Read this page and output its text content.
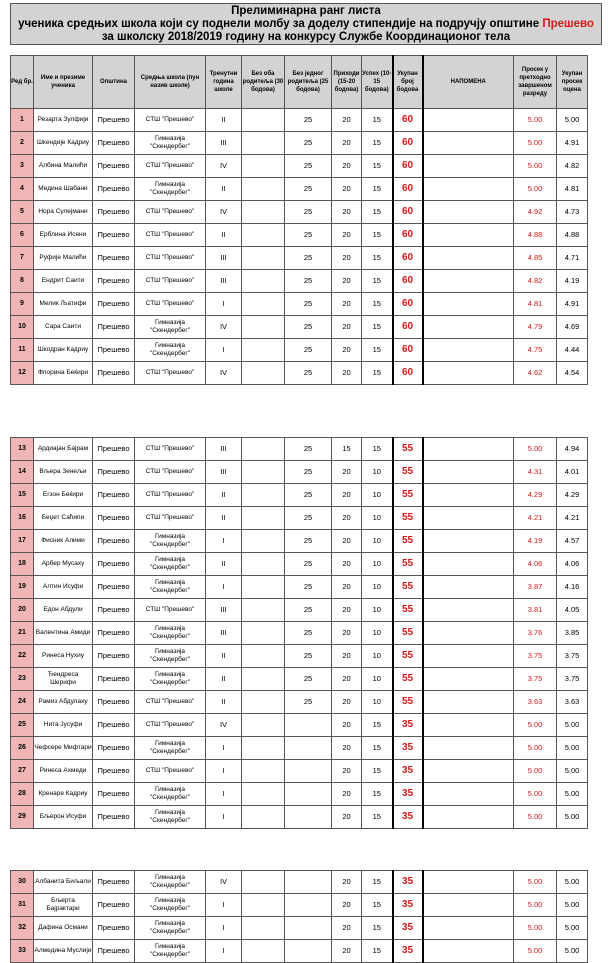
Прелиминарна ранг листа
ученика средњих школа који су поднели молбу за доделу стипендије на подручју општине Прешево
за школску 2018/2019 годину на конкурсу Службе Координационог тела
Ред бр.	Име и презиме ученика	Општина	Средња школа (пун назив школе)	Тренутни година школе	Без оба родитеља (30 бодова)	Без једног родитеља (25 бодова)	Приходи (15-20 бодова)	Успех (10-15 бодова)	Укупан број бодова	НАПОМЕНА	Просек у претходно завршеном разреду	Укупан просек оцена
1	Резарта Зулфији	Прешево	СТШ "Прешево"	II		25	20	15	60		5.00	5.00
2	Шкендије Кадриу	Прешево	Гимназија "Скендербег"	III		25	20	15	60		5.00	4.91
3	Албина Малићи	Прешево	СТШ "Прешево"	IV		25	20	15	60		5.00	4.82
4	Медина Шабани	Прешево	Гимназија "Скендербег"	II		25	20	15	60		5.00	4.81
5	Нора Сулејмани	Прешево	СТШ "Прешево"	IV		25	20	15	60		4.92	4.73
6	Ерблина Исени	Прешево	СТШ "Прешево"	II		25	20	15	60		4.88	4.88
7	Руфије Малићи	Прешево	СТШ "Прешево"	III		25	20	15	60		4.85	4.71
8	Ендрит Саити	Прешево	СТШ "Прешево"	III		25	20	15	60		4.82	4.19
9	Мелик Љатифи	Прешево	СТШ "Прешево"	I		25	20	15	60		4.81	4.91
10	Сара Саити	Прешево	Гимназија "Скендербег"	IV		25	20	15	60		4.79	4.69
11	Шкодран Кадриу	Прешево	Гимназија "Скендербег"	I		25	20	15	60		4.75	4.44
12	Флорина Беќири	Прешево	СТШ "Прешево"	IV		25	20	15	60		4.62	4.54
13	Ардиајан Бајрам	Прешево	СТШ "Прешево"	III		25	15	15	55		5.00	4.94
14	Вљера Зенељи	Прешево	СТШ "Прешево"	III		25	20	10	55		4.31	4.01
15	Егзон Беќири	Прешево	СТШ "Прешево"	II		25	20	10	55		4.29	4.29
16	Беџет Саћипи	Прешево	СТШ "Прешево"	II		25	20	10	55		4.21	4.21
17	Фисник Алими	Прешево	Гимназија "Скендербег"	I		25	20	10	55		4.19	4.57
18	Арбер Мусаху	Прешево	Гимназија "Скендербег"	II		25	20	10	55		4.06	4.06
19	Алтин Исуфи	Прешево	Гимназија "Скендербег"	I		25	20	10	55		3.87	4.16
20	Едон Абдули	Прешево	СТШ "Прешево"	III		25	20	10	55		3.81	4.05
21	Валентина Амиди	Прешево	Гимназија "Скендербег"	III		25	20	10	55		3.76	3.85
22	Ринеса Нухиу	Прешево	Гимназија "Скендербег"	II		25	20	10	55		3.75	3.75
23	Ђендреса Шерифи	Прешево	Гимназија "Скендербег"	II		25	20	10	55		3.75	3.75
24	Рамиз Абдулаху	Прешево	СТШ "Прешево"	II		25	20	10	55		3.63	3.63
25	Нита Јусуфи	Прешево	СТШ "Прешево"	IV			20	15	35		5.00	5.00
26	Чефсере Мифтари	Прешево	Гимназија "Скендербег"	I			20	15	35		5.00	5.00
27	Ринеса Ахмеди	Прешево	СТШ "Прешево"	I			20	15	35		5.00	5.00
28	Кренаре Кадриу	Прешево	Гимназија "Скендербег"	I			20	15	35		5.00	5.00
29	Бљерон Исуфи	Прешево	Гимназија "Скендербег"	I			20	15	35		5.00	5.00
30	Албанита Биљали	Прешево	Гимназија "Скендербег"	IV			20	15	35		5.00	5.00
31	Бљерта Бајрактари	Прешево	Гимназија "Скендербег"	I			20	15	35		5.00	5.00
32	Дафина Османи	Прешево	Гимназија "Скендербег"	I			20	15	35		5.00	5.00
33	Алмедина Муслији	Прешево	Гимназија "Скендербег"	I			20	15	35		5.00	5.00
